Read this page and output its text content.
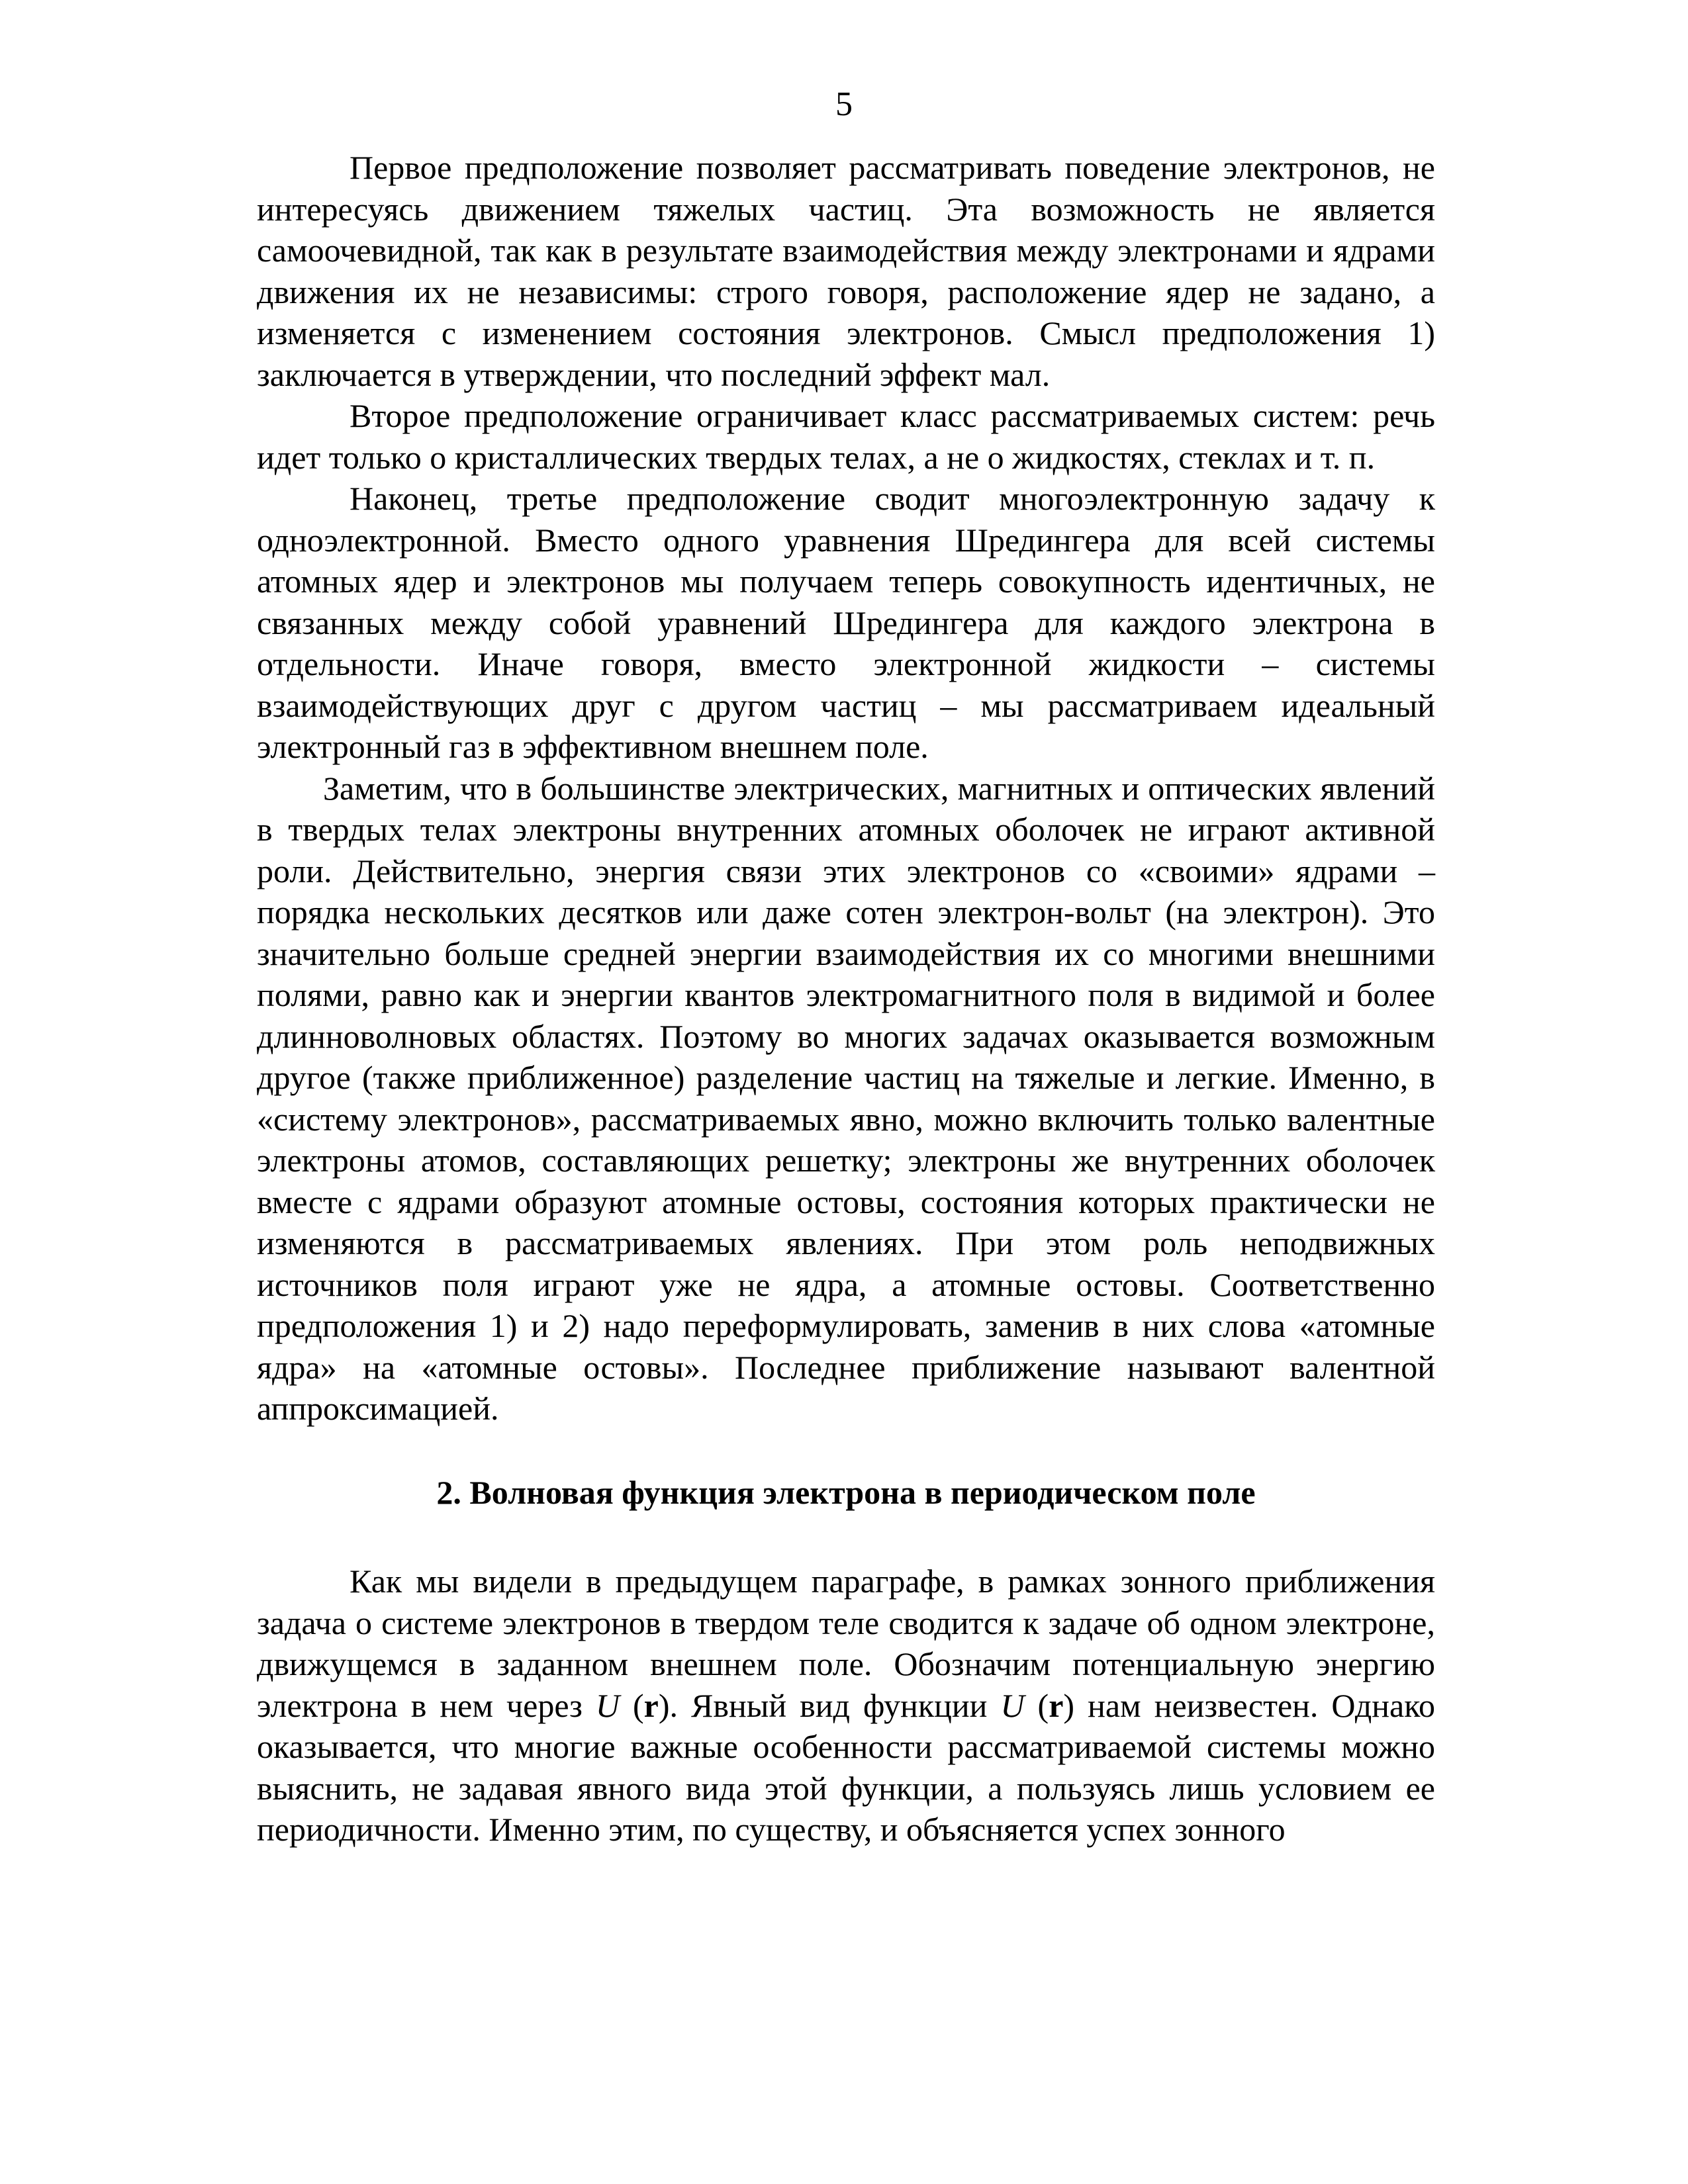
5

Первое предположение позволяет рассматривать поведение электронов, не интересуясь движением тяжелых частиц. Эта возможность не является самоочевидной, так как в результате взаимодействия между электронами и ядрами движения их не независимы: строго говоря, расположение ядер не задано, а изменяется с изменением состояния электронов. Смысл предположения 1) заключается в утверждении, что последний эффект мал.

Второе предположение ограничивает класс рассматриваемых систем: речь идет только о кристаллических твердых телах, а не о жидкостях, стеклах и т. п.

Наконец, третье предположение сводит многоэлектронную задачу к одноэлектронной. Вместо одного уравнения Шредингера для всей системы атомных ядер и электронов мы получаем теперь совокупность идентичных, не связанных между собой уравнений Шредингера для каждого электрона в отдельности. Иначе говоря, вместо электронной жидкости – системы взаимодействующих друг с другом частиц – мы рассматриваем идеальный электронный газ в эффективном внешнем поле.

Заметим, что в большинстве электрических, магнитных и оптических явлений в твердых телах электроны внутренних атомных оболочек не играют активной роли. Действительно, энергия связи этих электронов со «своими» ядрами – порядка нескольких десятков или даже сотен электрон-вольт (на электрон). Это значительно больше средней энергии взаимодействия их со многими внешними полями, равно как и энергии квантов электромагнитного поля в видимой и более длинноволновых областях. Поэтому во многих задачах оказывается возможным другое (также приближенное) разделение частиц на тяжелые и легкие. Именно, в «систему электронов», рассматриваемых явно, можно включить только валентные электроны атомов, составляющих решетку; электроны же внутренних оболочек вместе с ядрами образуют атомные остовы, состояния которых практически не изменяются в рассматриваемых явлениях. При этом роль неподвижных источников поля играют уже не ядра, а атомные остовы. Соответственно предположения 1) и 2) надо переформулировать, заменив в них слова «атомные ядра» на «атомные остовы». Последнее приближение называют валентной аппроксимацией.

2. Волновая функция электрона в периодическом поле

Как мы видели в предыдущем параграфе, в рамках зонного приближения задача о системе электронов в твердом теле сводится к задаче об одном электроне, движущемся в заданном внешнем поле. Обозначим потенциальную энергию электрона в нем через U (r). Явный вид функции U (r) нам неизвестен. Однако оказывается, что многие важные особенности рассматриваемой системы можно выяснить, не задавая явного вида этой функции, а пользуясь лишь условием ее периодичности. Именно этим, по существу, и объясняется успех зонного
